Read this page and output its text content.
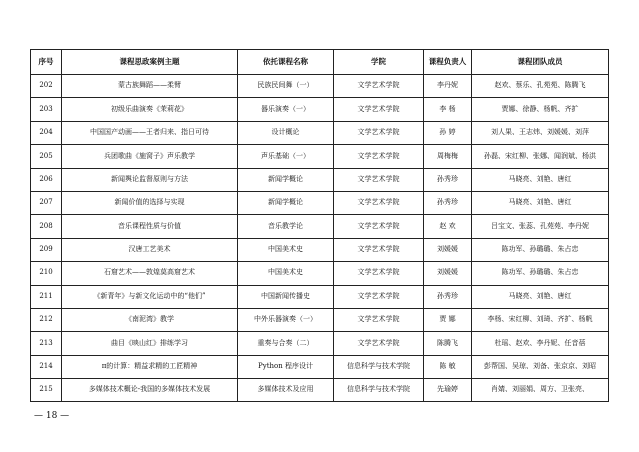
序号	课程思政案例主题	依托课程名称	学院	课程负责人	课程团队成员
202	蒙古族舞蹈——柔臂	民族民间舞（一）	文学艺术学院	李丹妮	赵欢、蔡乐、孔苑苑、陈腾飞
203	初级乐曲演奏《茉莉花》	器乐演奏（一）	文学艺术学院	李 杨	贾娜、徐静、杨帆、齐扩
204	中国国产动画——王者归来、指日可待	设计概论	文学艺术学院	孙 婷	刘人果、王志炜、刘媛媛、刘萍
205	兵团歌曲《施窝子》声乐教学	声乐基础（一）	文学艺术学院	周梅梅	孙磊、宋红柳、张娜、闻润斌、杨洪
206	新闻舆论监督原则与方法	新闻学概论	文学艺术学院	孙秀珍	马晓亮、刘艳、唐红
207	新闻价值的选择与实现	新闻学概论	文学艺术学院	孙秀珍	马晓亮、刘艳、唐红
208	音乐课程性质与价值	音乐教学论	文学艺术学院	赵 欢	吕宝文、张蕊、孔苑苑、李丹妮
209	汉唐工艺美术	中国美术史	文学艺术学院	刘媛媛	陈功军、孙璐璐、朱占忠
210	石窟艺术——敦煌莫高窟艺术	中国美术史	文学艺术学院	刘媛媛	陈功军、孙璐璐、朱占忠
211	《新青年》与新文化运动中的“他们”	中国新闻传播史	文学艺术学院	孙秀珍	马晓亮、刘艳、唐红
212	《南泥湾》教学	中外乐器演奏（一）	文学艺术学院	贾 娜	李杨、宋红柳、刘琦、齐扩、杨帆
213	曲目《映山红》排练学习	重奏与合奏（二）	文学艺术学院	陈腾飞	杜瑶、赵欢、李丹妮、任音蓓
214	π的计算：精益求精的工匠精神	Python 程序设计	信息科学与技术学院	陈 敏	彭帮国、吴琼、刘备、张京京、刘昭
215	多媒体技术概论-我国的多媒体技术发展	多媒体技术及应用	信息科学与技术学院	先瑜婷	肖婧、刘丽娟、周方、卫张亮、
— 18 —
